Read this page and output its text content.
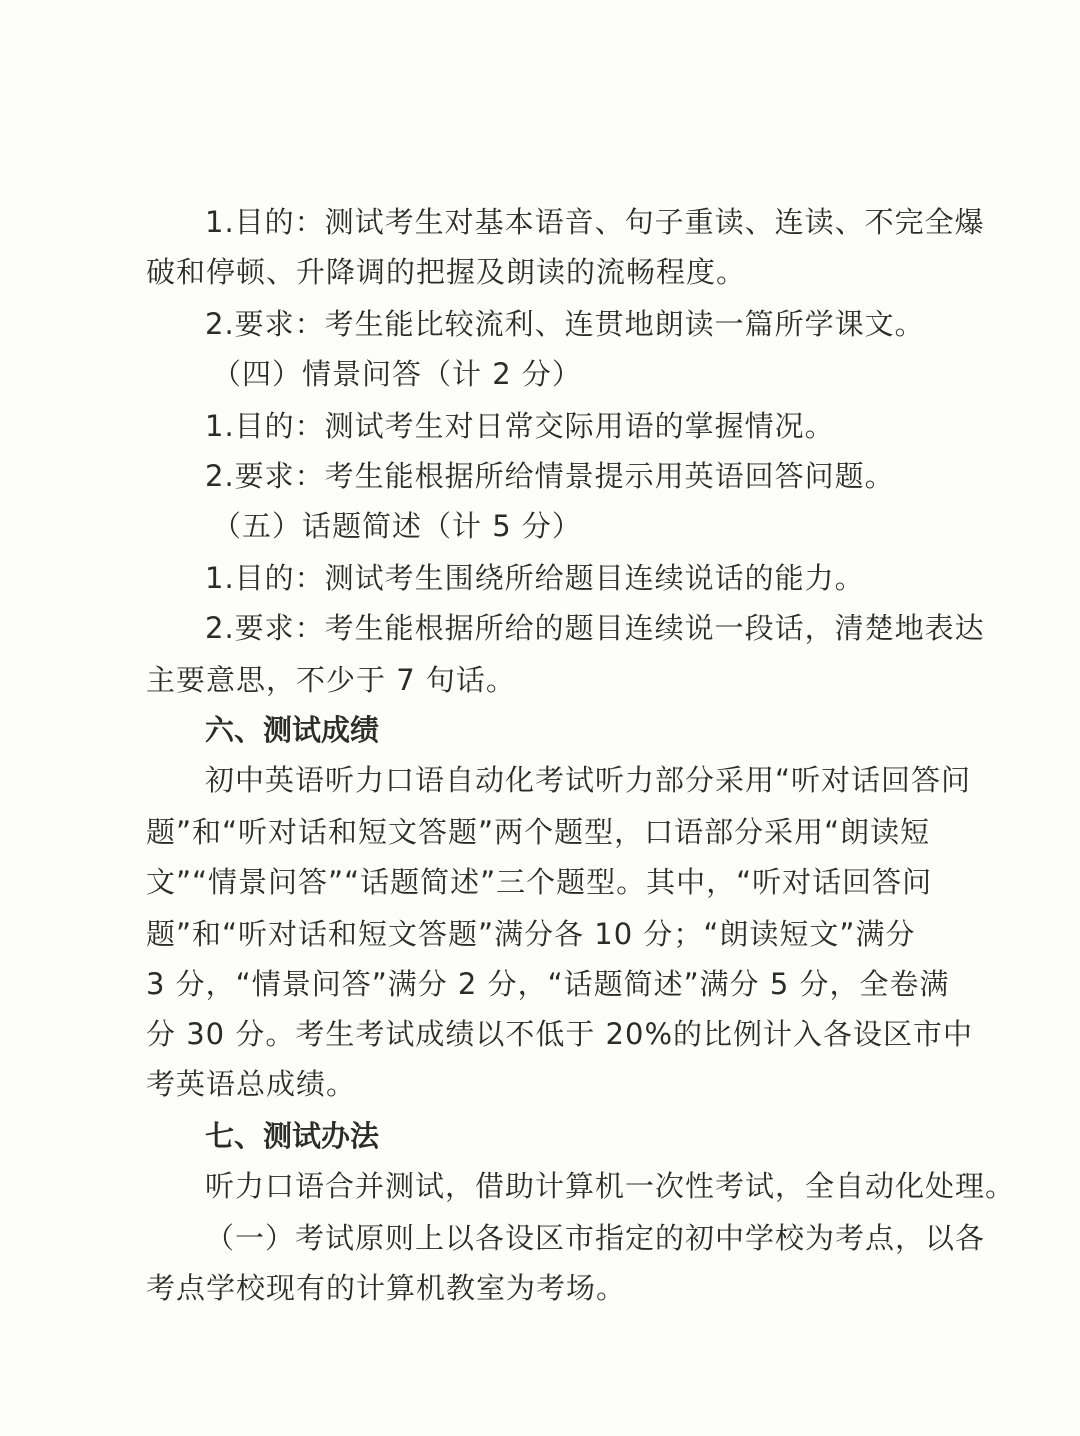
1.目的：测试考生对基本语音、句子重读、连读、不完全爆

破和停顿、升降调的把握及朗读的流畅程度。

2.要求：考生能比较流利、连贯地朗读一篇所学课文。

（四）情景问答（计 2 分）

1.目的：测试考生对日常交际用语的掌握情况。

2.要求：考生能根据所给情景提示用英语回答问题。

（五）话题简述（计 5 分）

1.目的：测试考生围绕所给题目连续说话的能力。

2.要求：考生能根据所给的题目连续说一段话，清楚地表达

主要意思，不少于 7 句话。

六、测试成绩

初中英语听力口语自动化考试听力部分采用“听对话回答问

题”和“听对话和短文答题”两个题型，口语部分采用“朗读短

文”“情景问答”“话题简述”三个题型。其中，“听对话回答问

题”和“听对话和短文答题”满分各 10 分；“朗读短文”满分

3 分，“情景问答”满分 2 分，“话题简述”满分 5 分，全卷满

分 30 分。考生考试成绩以不低于 20%的比例计入各设区市中

考英语总成绩。

七、测试办法

听力口语合并测试，借助计算机一次性考试，全自动化处理。

（一）考试原则上以各设区市指定的初中学校为考点，以各

考点学校现有的计算机教室为考场。
